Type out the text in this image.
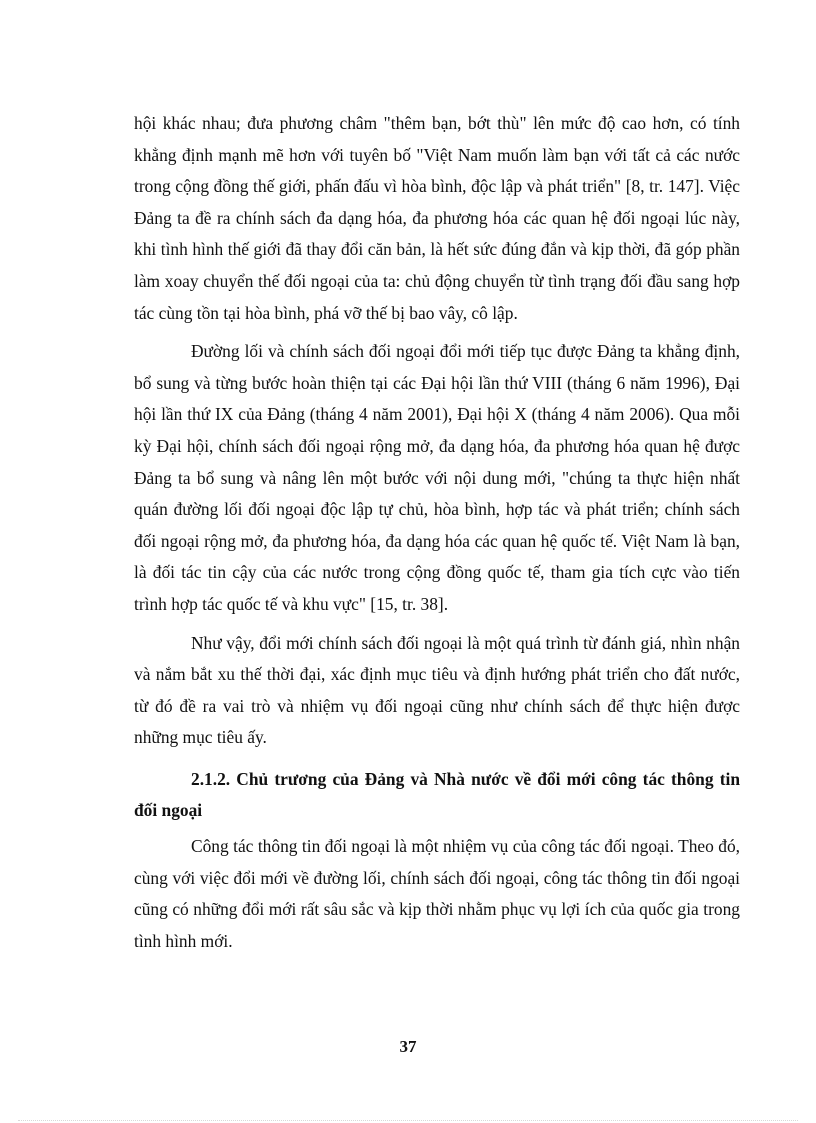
hội khác nhau; đưa phương châm "thêm bạn, bớt thù" lên mức độ cao hơn, có tính khẳng định mạnh mẽ hơn với tuyên bố "Việt Nam muốn làm bạn với tất cả các nước trong cộng đồng thế giới, phấn đấu vì hòa bình, độc lập và phát triển" [8, tr. 147]. Việc Đảng ta đề ra chính sách đa dạng hóa, đa phương hóa các quan hệ đối ngoại lúc này, khi tình hình thế giới đã thay đổi căn bản, là hết sức đúng đắn và kịp thời, đã góp phần làm xoay chuyển thế đối ngoại của ta: chủ động chuyển từ tình trạng đối đầu sang hợp tác cùng tồn tại hòa bình, phá vỡ thế bị bao vây, cô lập.

Đường lối và chính sách đối ngoại đổi mới tiếp tục được Đảng ta khẳng định, bổ sung và từng bước hoàn thiện tại các Đại hội lần thứ VIII (tháng 6 năm 1996), Đại hội lần thứ IX của Đảng (tháng 4 năm 2001), Đại hội X (tháng 4 năm 2006). Qua mỗi kỳ Đại hội, chính sách đối ngoại rộng mở, đa dạng hóa, đa phương hóa quan hệ được Đảng ta bổ sung và nâng lên một bước với nội dung mới, "chúng ta thực hiện nhất quán đường lối đối ngoại độc lập tự chủ, hòa bình, hợp tác và phát triển; chính sách đối ngoại rộng mở, đa phương hóa, đa dạng hóa các quan hệ quốc tế. Việt Nam là bạn, là đối tác tin cậy của các nước trong cộng đồng quốc tế, tham gia tích cực vào tiến trình hợp tác quốc tế và khu vực" [15, tr. 38].

Như vậy, đổi mới chính sách đối ngoại là một quá trình từ đánh giá, nhìn nhận và nắm bắt xu thế thời đại, xác định mục tiêu và định hướng phát triển cho đất nước, từ đó đề ra vai trò và nhiệm vụ đối ngoại cũng như chính sách để thực hiện được những mục tiêu ấy.

2.1.2. Chủ trương của Đảng và Nhà nước về đổi mới công tác thông tin đối ngoại

Công tác thông tin đối ngoại là một nhiệm vụ của công tác đối ngoại. Theo đó, cùng với việc đổi mới về đường lối, chính sách đối ngoại, công tác thông tin đối ngoại cũng có những đổi mới rất sâu sắc và kịp thời nhằm phục vụ lợi ích của quốc gia trong tình hình mới.

37
